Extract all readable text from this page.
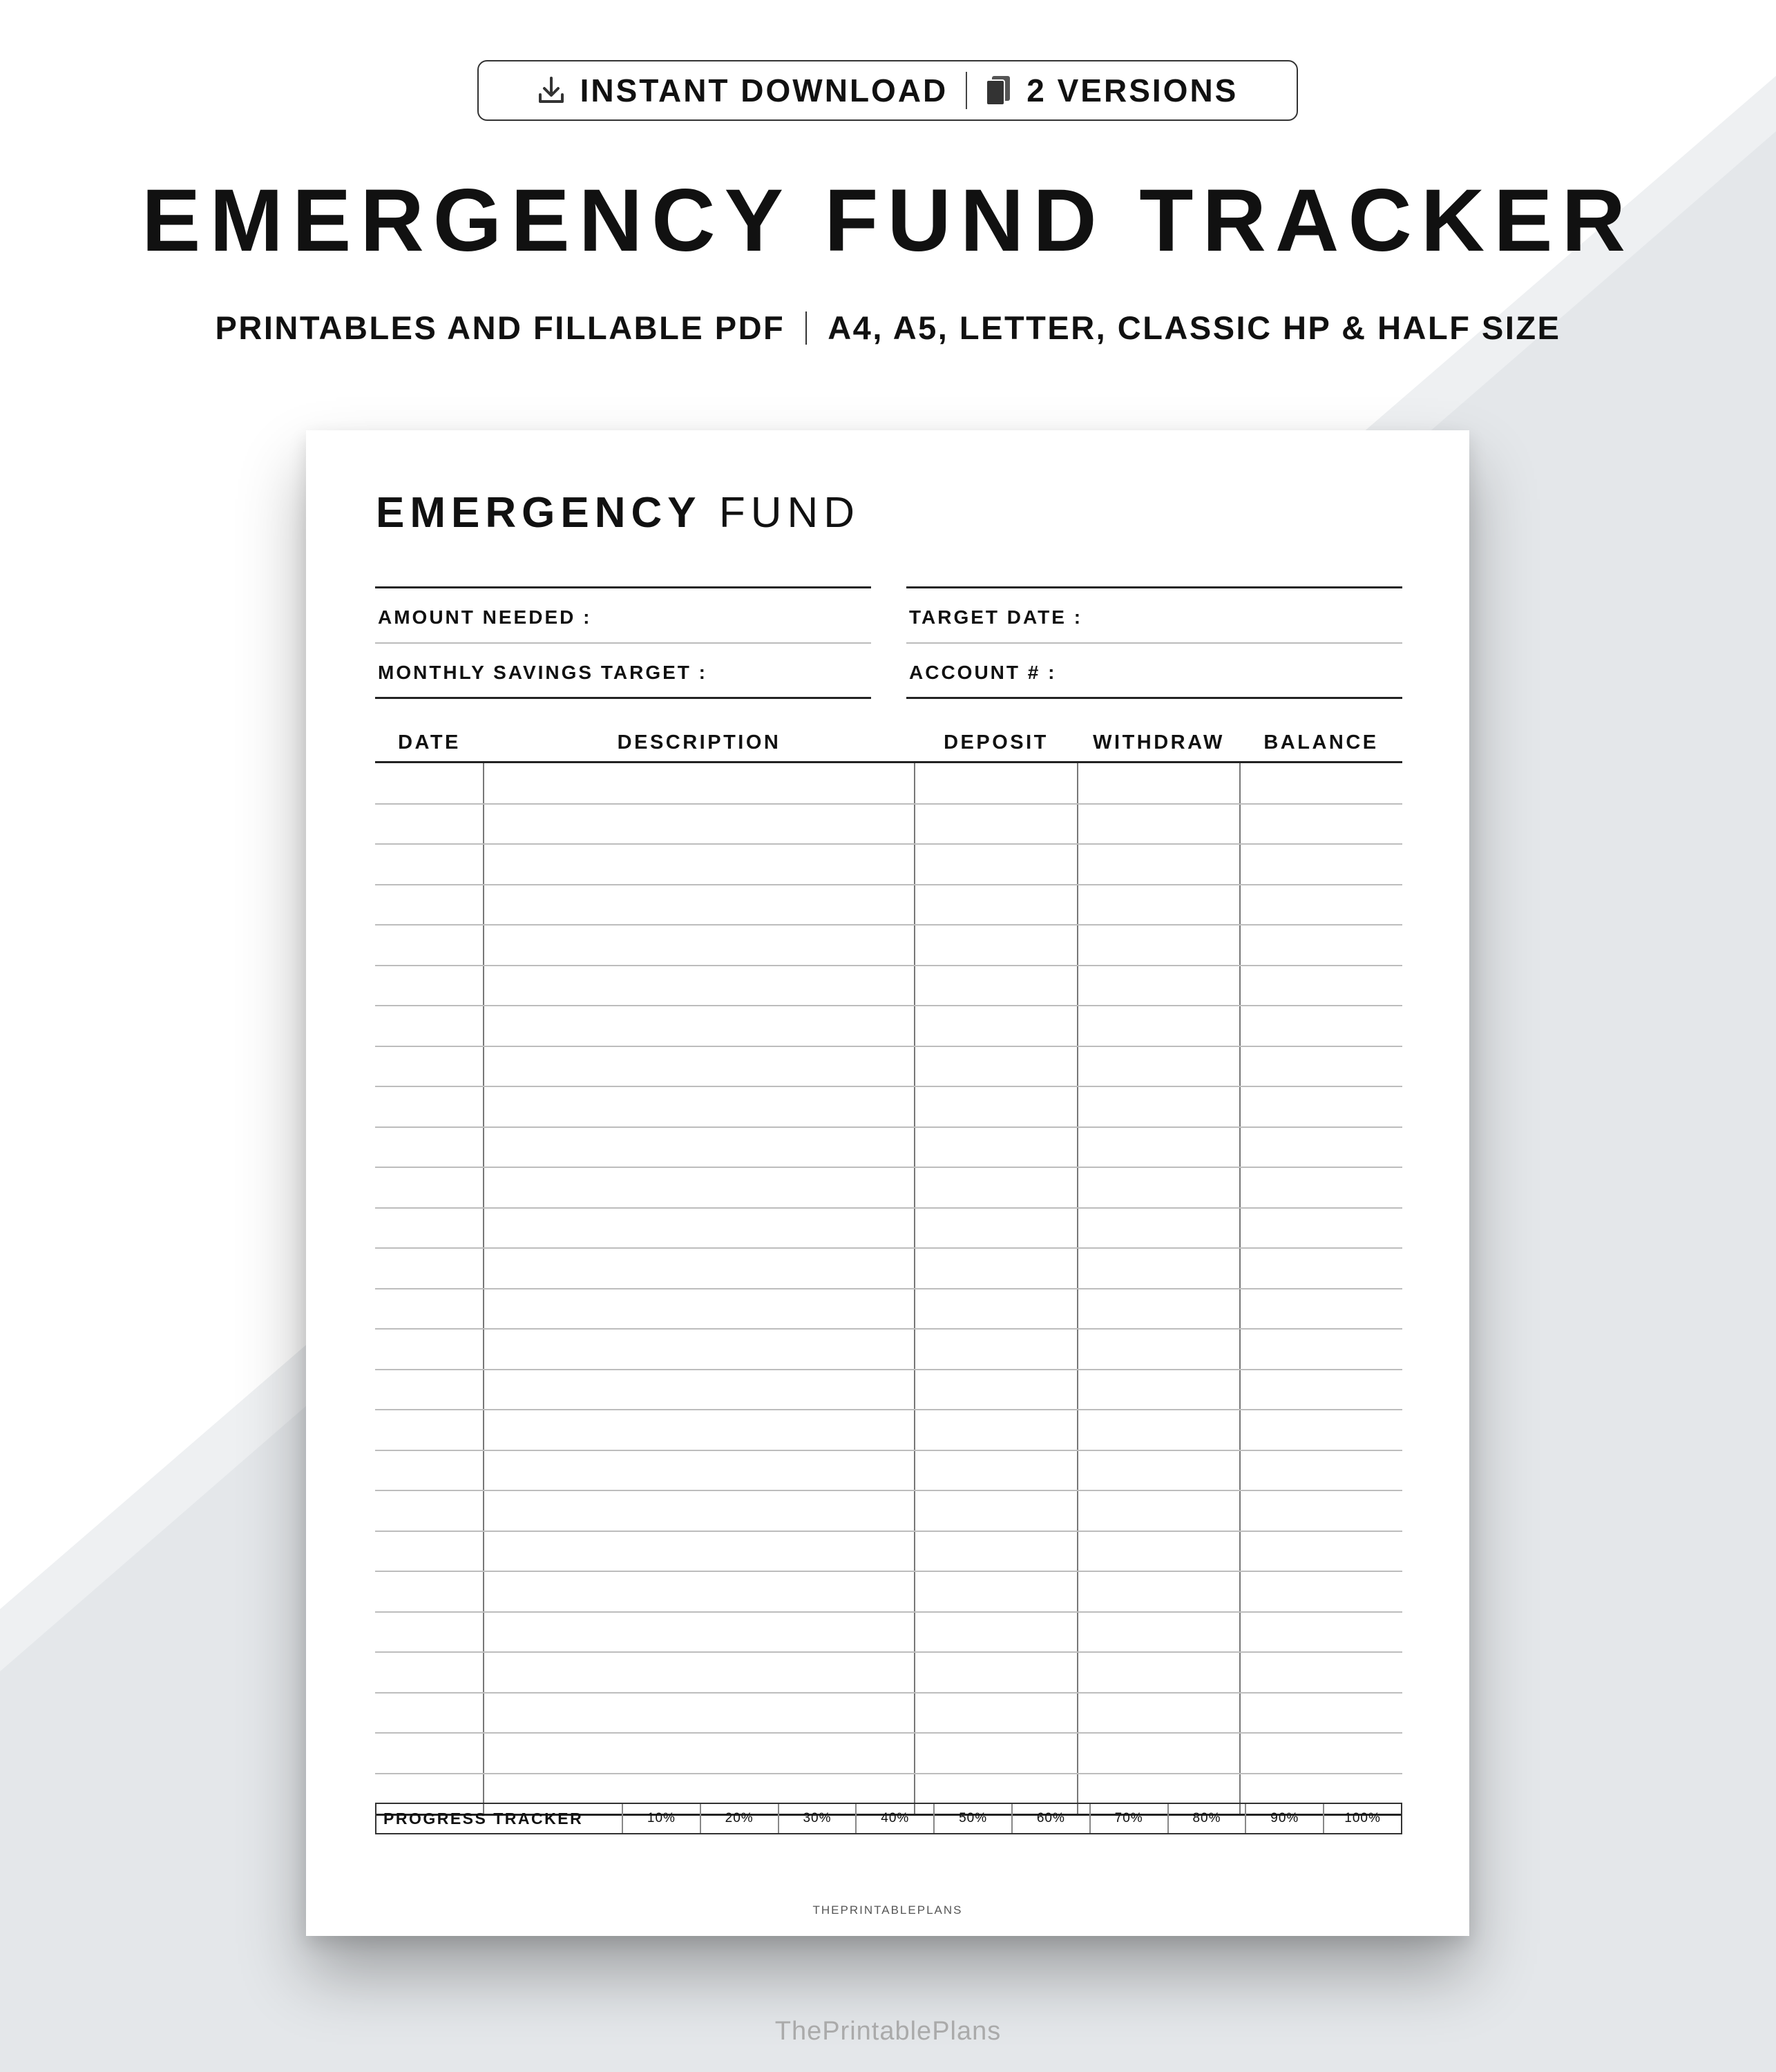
INSTANT DOWNLOAD 2 VERSIONS
EMERGENCY FUND TRACKER
PRINTABLES AND FILLABLE PDF A4, A5, LETTER, CLASSIC HP & HALF SIZE
EMERGENCY FUND
AMOUNT NEEDED :
MONTHLY SAVINGS TARGET :
TARGET DATE :
ACCOUNT # :
DATE	DESCRIPTION	DEPOSIT	WITHDRAW	BALANCE
PROGRESS TRACKER	10%	20%	30%	40%	50%	60%	70%	80%	90%	100%
THEPRINTABLEPLANS
ThePrintablePlans
